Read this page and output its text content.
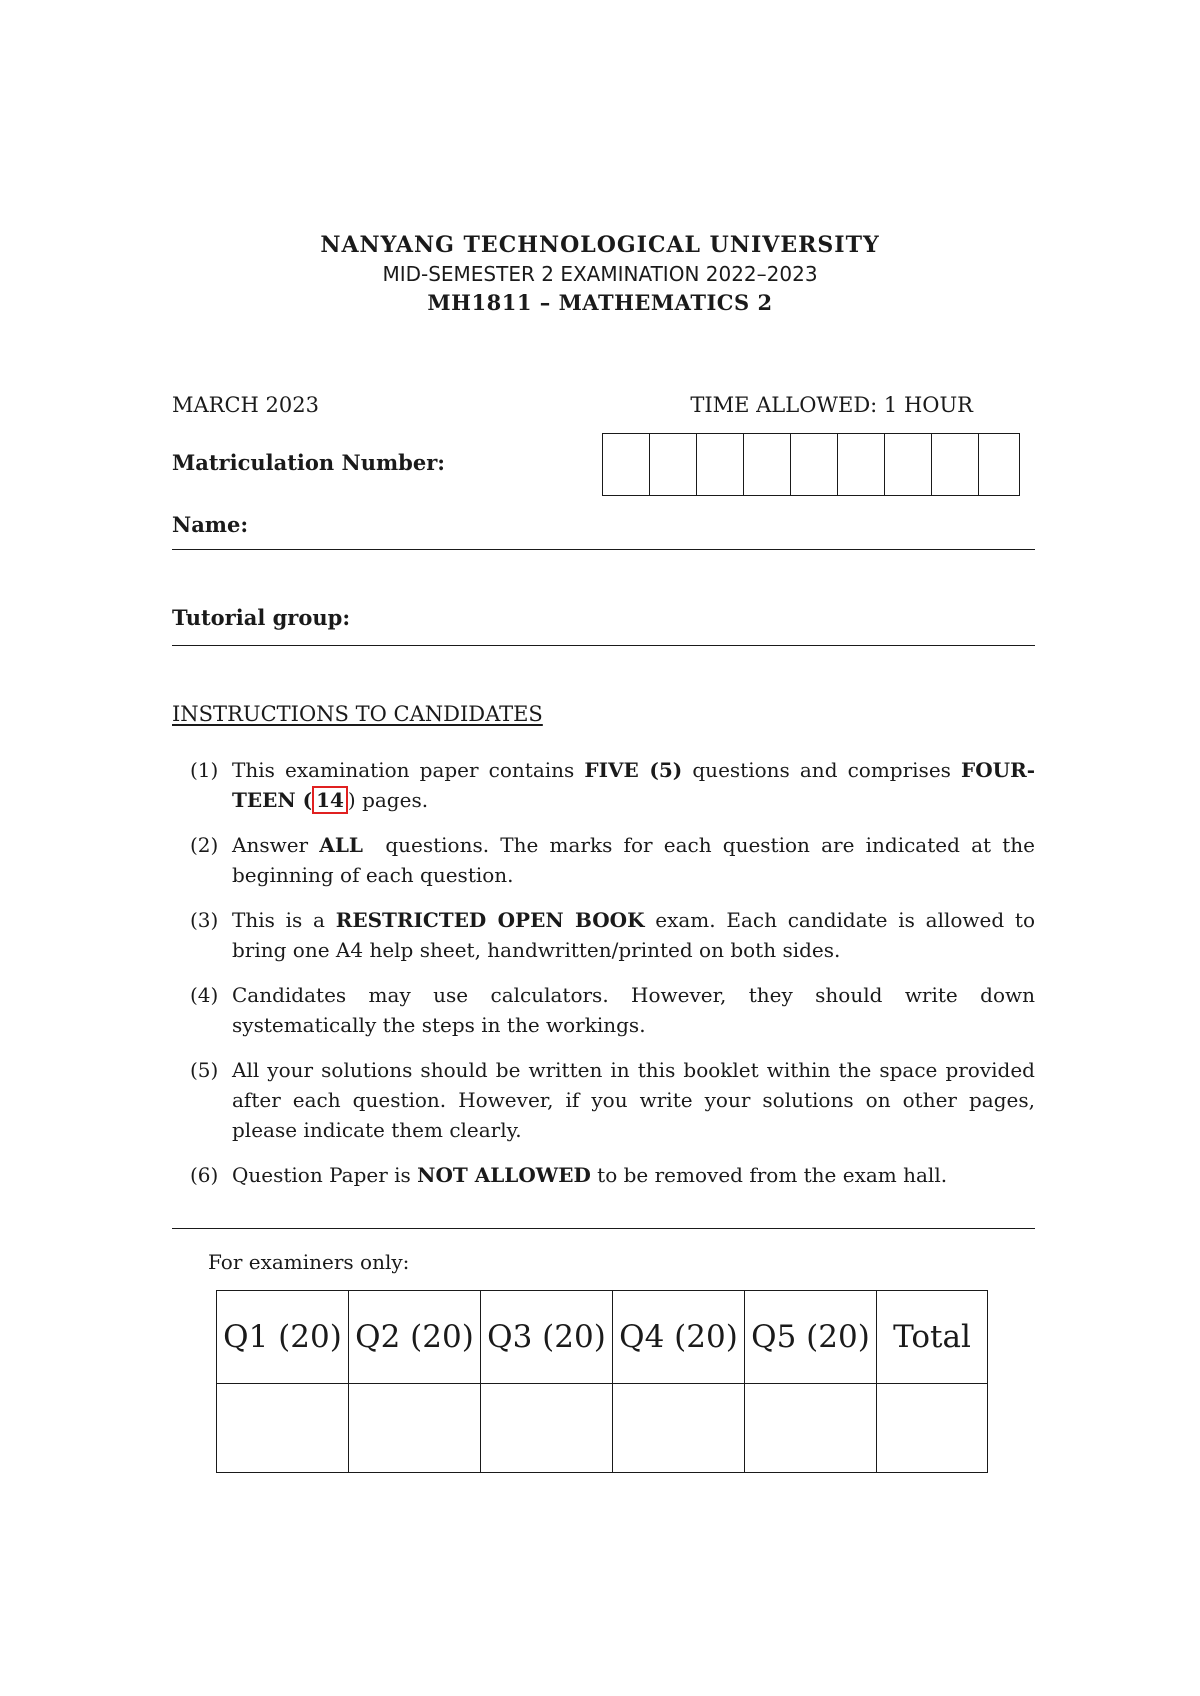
NANYANG TECHNOLOGICAL UNIVERSITY
MID-SEMESTER 2 EXAMINATION 2022–2023
MH1811 – MATHEMATICS 2
MARCH 2023	TIME ALLOWED: 1 HOUR
Matriculation Number:
Name:
Tutorial group:
INSTRUCTIONS TO CANDIDATES
(1) This examination paper contains FIVE (5) questions and comprises FOUR-TEEN ( 14 ) pages.
(2) Answer ALL  questions. The marks for each question are indicated at the beginning of each question.
(3) This is a RESTRICTED OPEN BOOK exam. Each candidate is allowed to bring one A4 help sheet, handwritten/printed on both sides.
(4) Candidates may use calculators. However, they should write down systematically the steps in the workings.
(5) All your solutions should be written in this booklet within the space provided after each question. However, if you write your solutions on other pages, please indicate them clearly.
(6) Question Paper is NOT ALLOWED to be removed from the exam hall.
For examiners only:
Q1 (20)	Q2 (20)	Q3 (20)	Q4 (20)	Q5 (20)	Total
